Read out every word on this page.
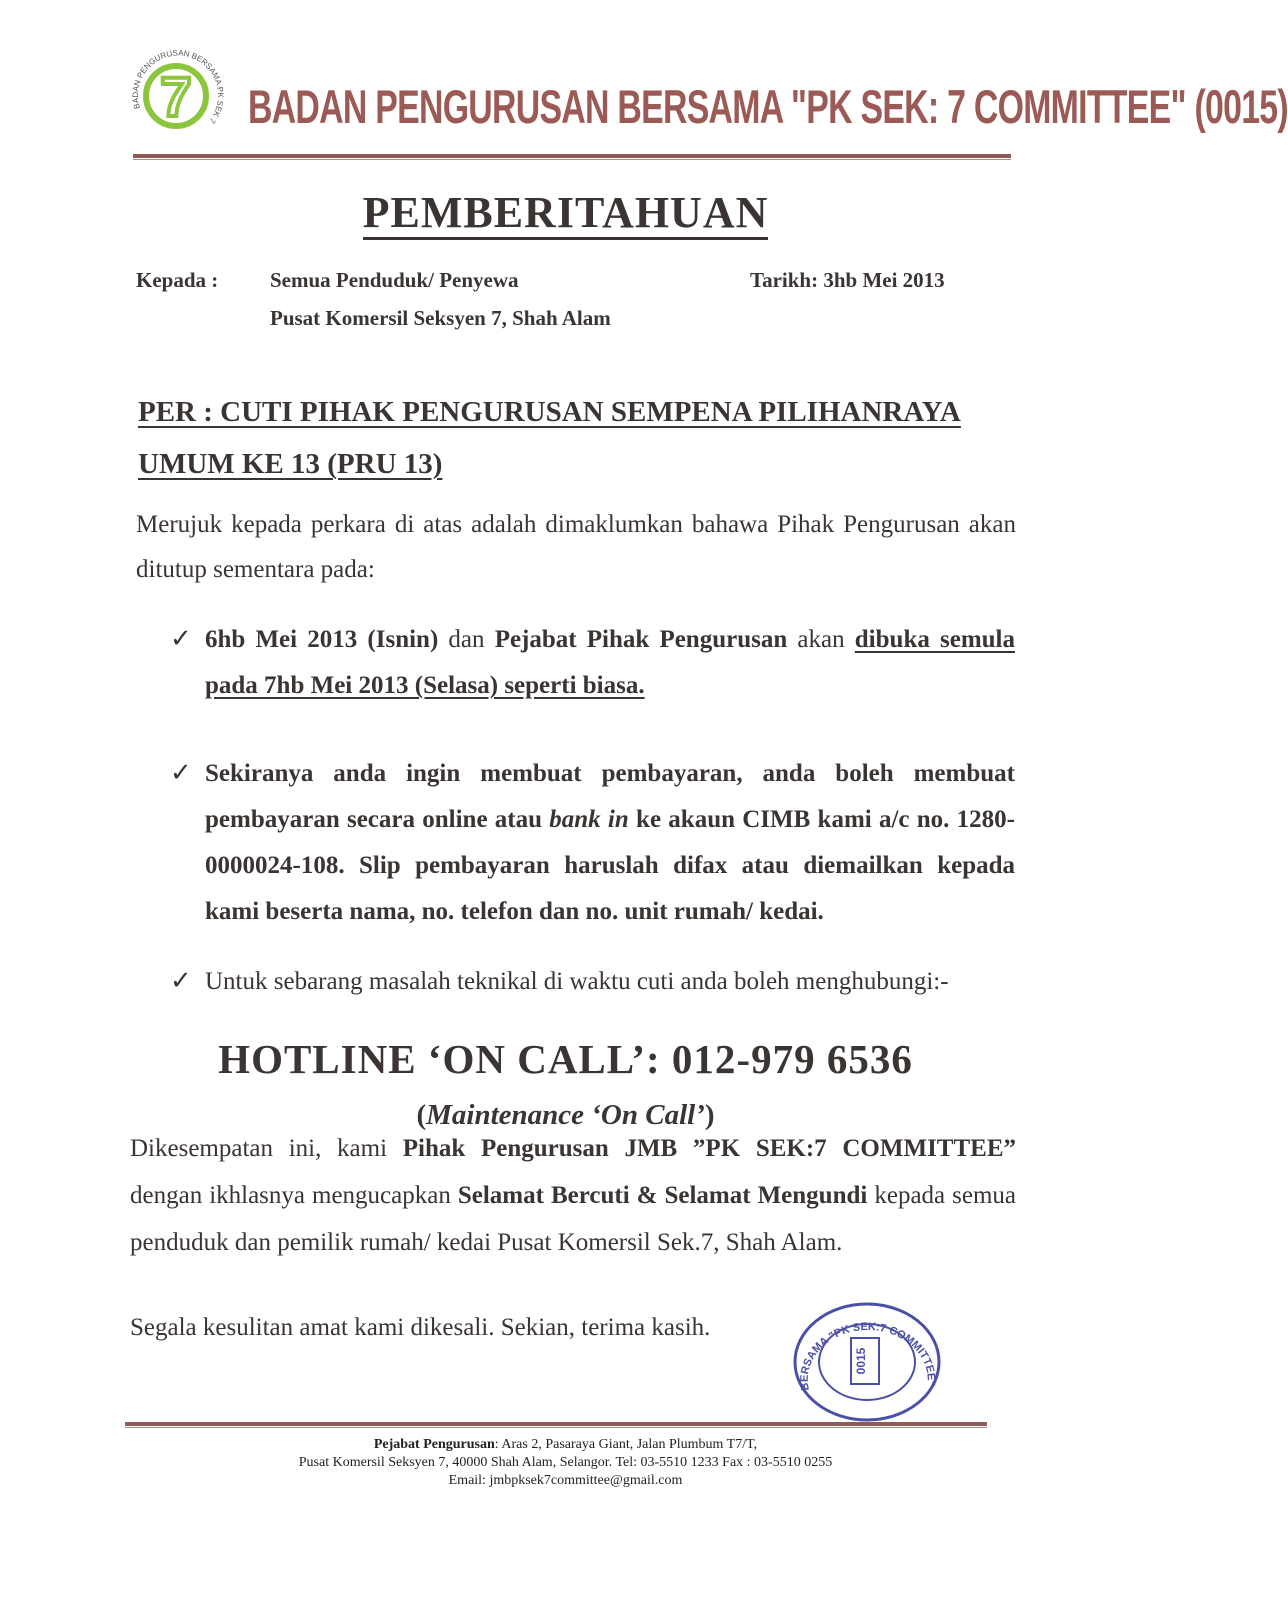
BADAN PENGURUSAN BERSAMA PK SEK 7
7 BADAN PENGURUSAN BERSAMA "PK SEK: 7 COMMITTEE" (0015)
PEMBERITAHUAN
Kepada : Semua Penduduk/ Penyewa
Pusat Komersil Seksyen 7, Shah Alam
Tarikh: 3hb Mei 2013
PER : CUTI PIHAK PENGURUSAN SEMPENA PILIHANRAYA
UMUM KE 13 (PRU 13)
Merujuk kepada perkara di atas adalah dimaklumkan bahawa Pihak Pengurusan akan ditutup sementara pada:
✓ 6hb Mei 2013 (Isnin) dan Pejabat Pihak Pengurusan akan dibuka semula pada 7hb Mei 2013 (Selasa) seperti biasa.
✓ Sekiranya anda ingin membuat pembayaran, anda boleh membuat pembayaran secara online atau bank in ke akaun CIMB kami a/c no. 1280-0000024-108. Slip pembayaran haruslah difax atau diemailkan kepada kami beserta nama, no. telefon dan no. unit rumah/ kedai.
✓ Untuk sebarang masalah teknikal di waktu cuti anda boleh menghubungi:-
HOTLINE ‘ON CALL’: 012-979 6536
(Maintenance ‘On Call’)
Dikesempatan ini, kami Pihak Pengurusan JMB ”PK SEK:7 COMMITTEE” dengan ikhlasnya mengucapkan Selamat Bercuti & Selamat Mengundi kepada semua penduduk dan pemilik rumah/ kedai Pusat Komersil Sek.7, Shah Alam.
Segala kesulitan amat kami dikesali. Sekian, terima kasih.
BERSAMA "PK SEK:7 COMMITTEE"
0015
Pejabat Pengurusan: Aras 2, Pasaraya Giant, Jalan Plumbum T7/T,
Pusat Komersil Seksyen 7, 40000 Shah Alam, Selangor. Tel: 03-5510 1233 Fax : 03-5510 0255
Email: jmbpksek7committee@gmail.com
